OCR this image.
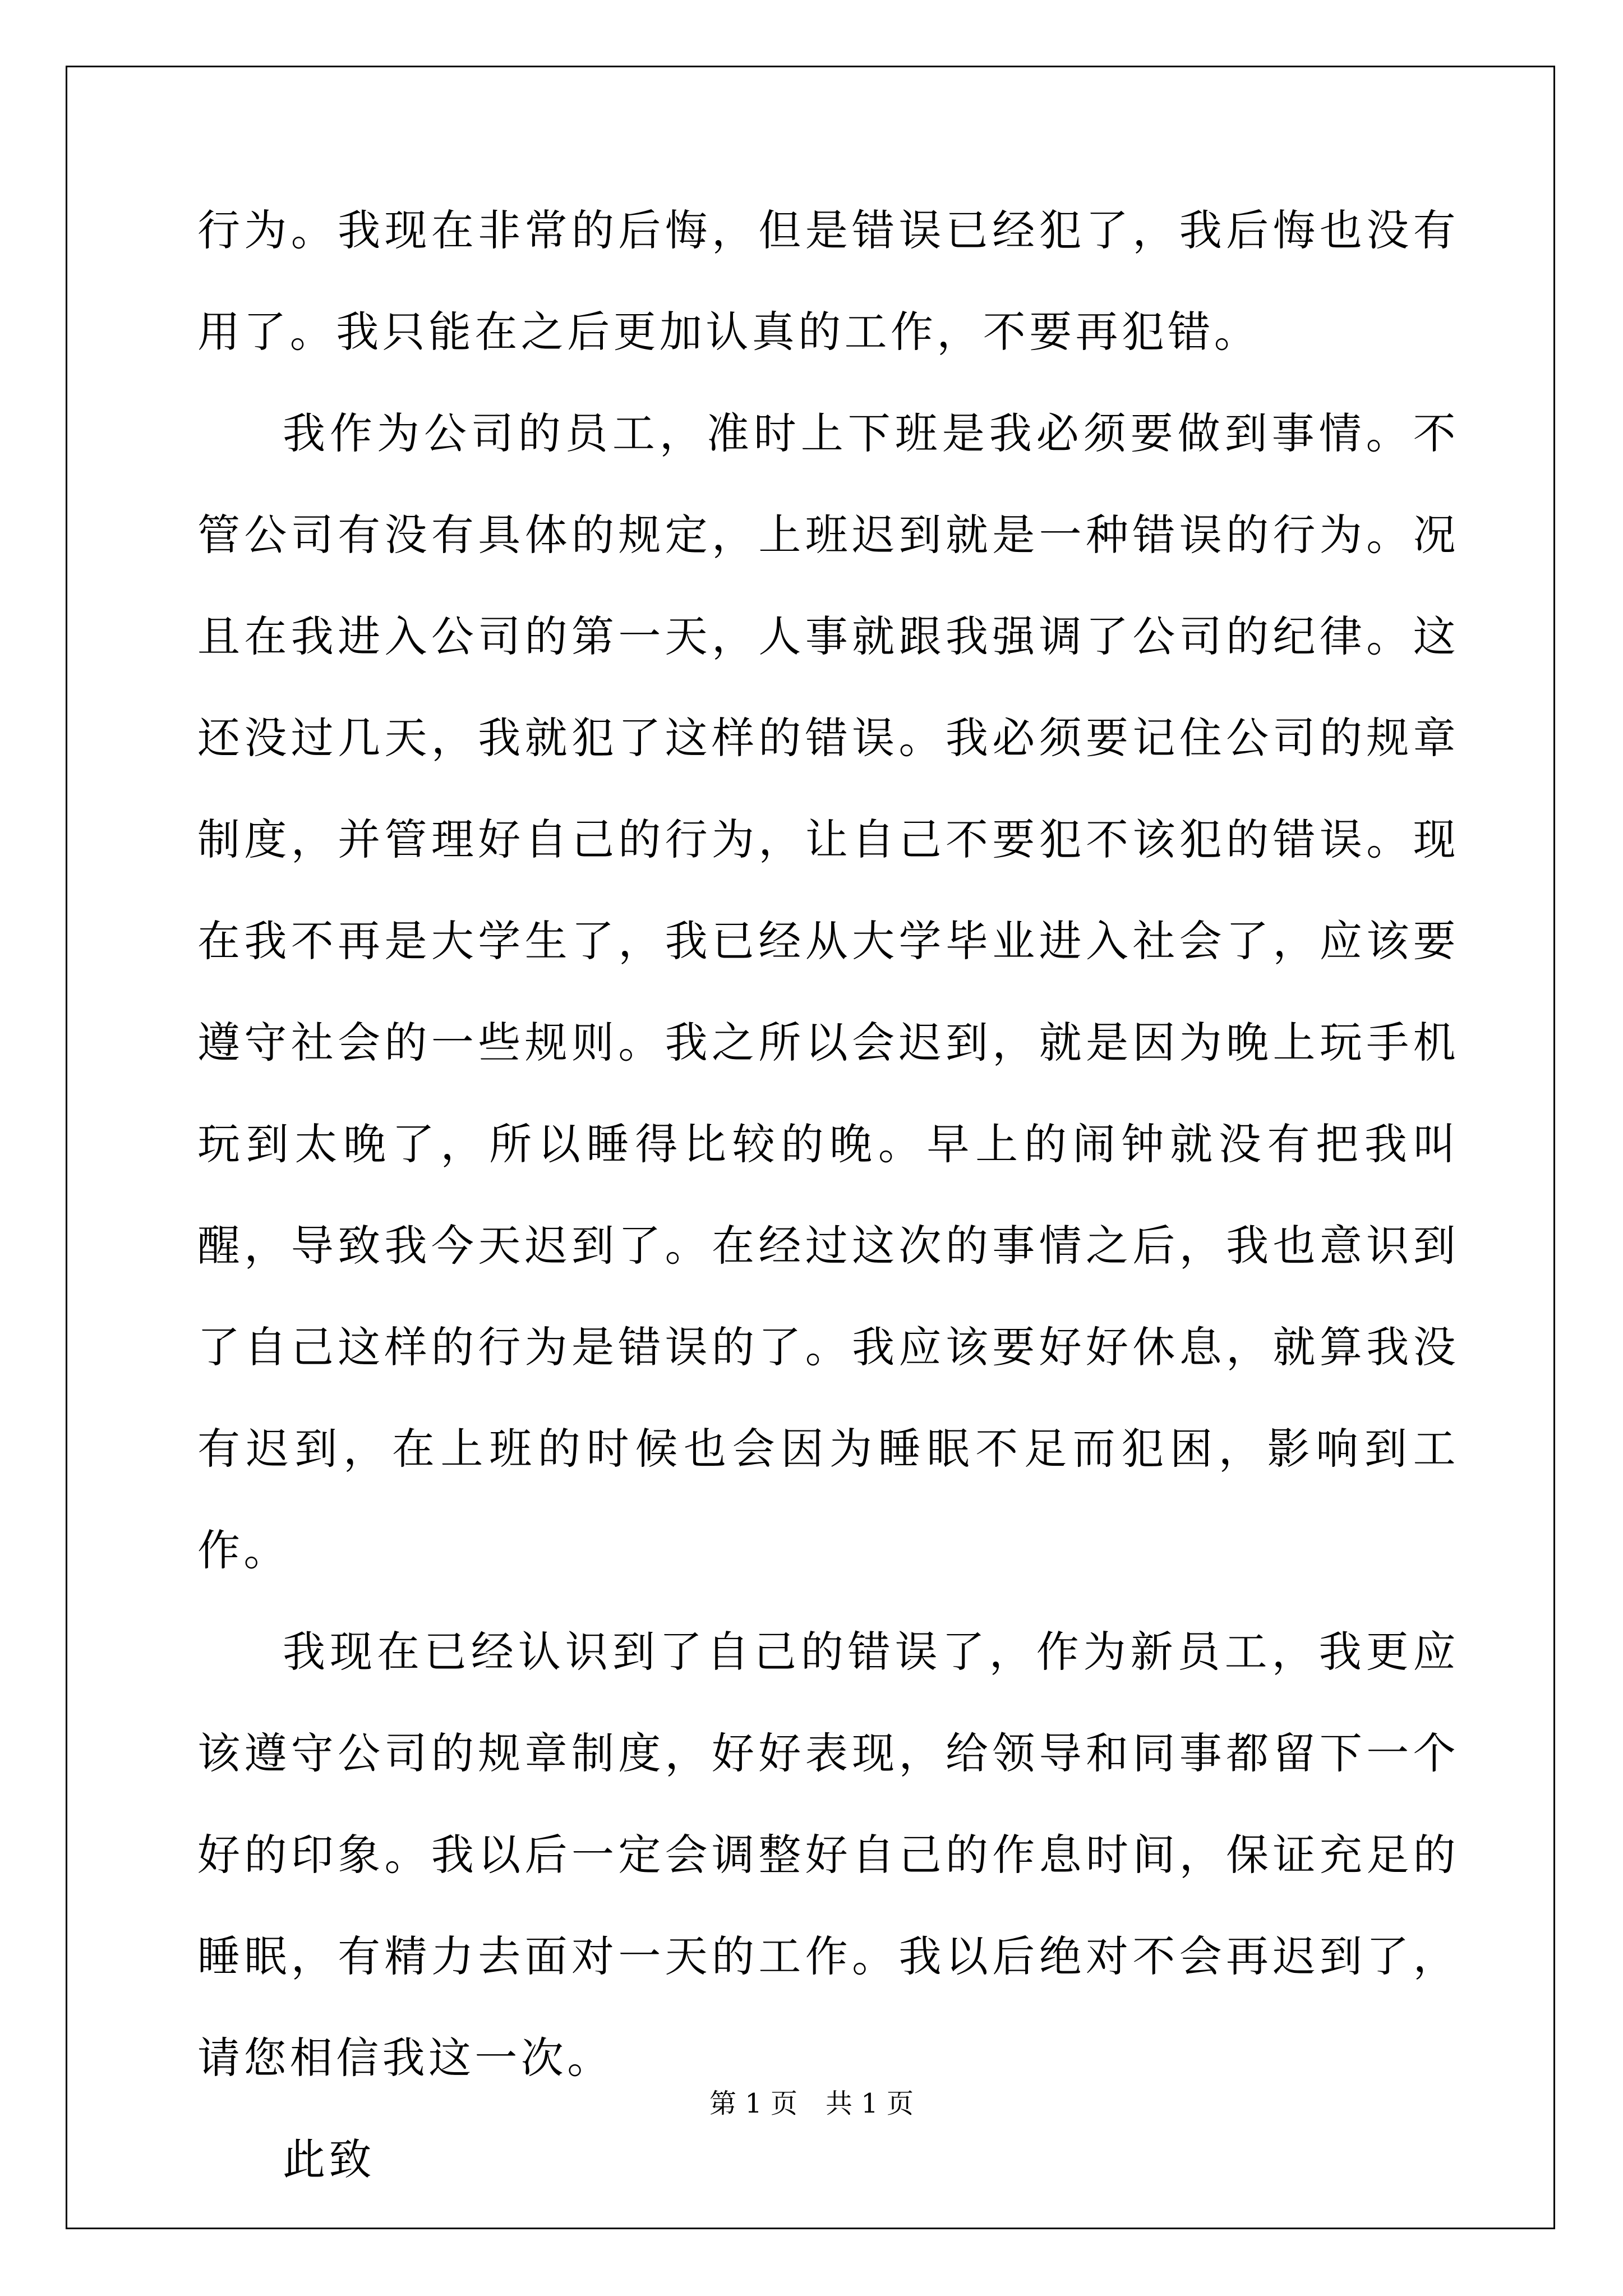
行为。我现在非常的后悔，但是错误已经犯了，我后悔也没有用了。我只能在之后更加认真的工作，不要再犯错。

我作为公司的员工，准时上下班是我必须要做到事情。不管公司有没有具体的规定，上班迟到就是一种错误的行为。况且在我进入公司的第一天，人事就跟我强调了公司的纪律。这还没过几天，我就犯了这样的错误。我必须要记住公司的规章制度，并管理好自己的行为，让自己不要犯不该犯的错误。现在我不再是大学生了，我已经从大学毕业进入社会了，应该要遵守社会的一些规则。我之所以会迟到，就是因为晚上玩手机玩到太晚了，所以睡得比较的晚。早上的闹钟就没有把我叫醒，导致我今天迟到了。在经过这次的事情之后，我也意识到了自己这样的行为是错误的了。我应该要好好休息，就算我没有迟到，在上班的时候也会因为睡眠不足而犯困，影响到工作。

我现在已经认识到了自己的错误了，作为新员工，我更应该遵守公司的规章制度，好好表现，给领导和同事都留下一个好的印象。我以后一定会调整好自己的作息时间，保证充足的睡眠，有精力去面对一天的工作。我以后绝对不会再迟到了，请您相信我这一次。

此致

第 1 页 共 1 页
